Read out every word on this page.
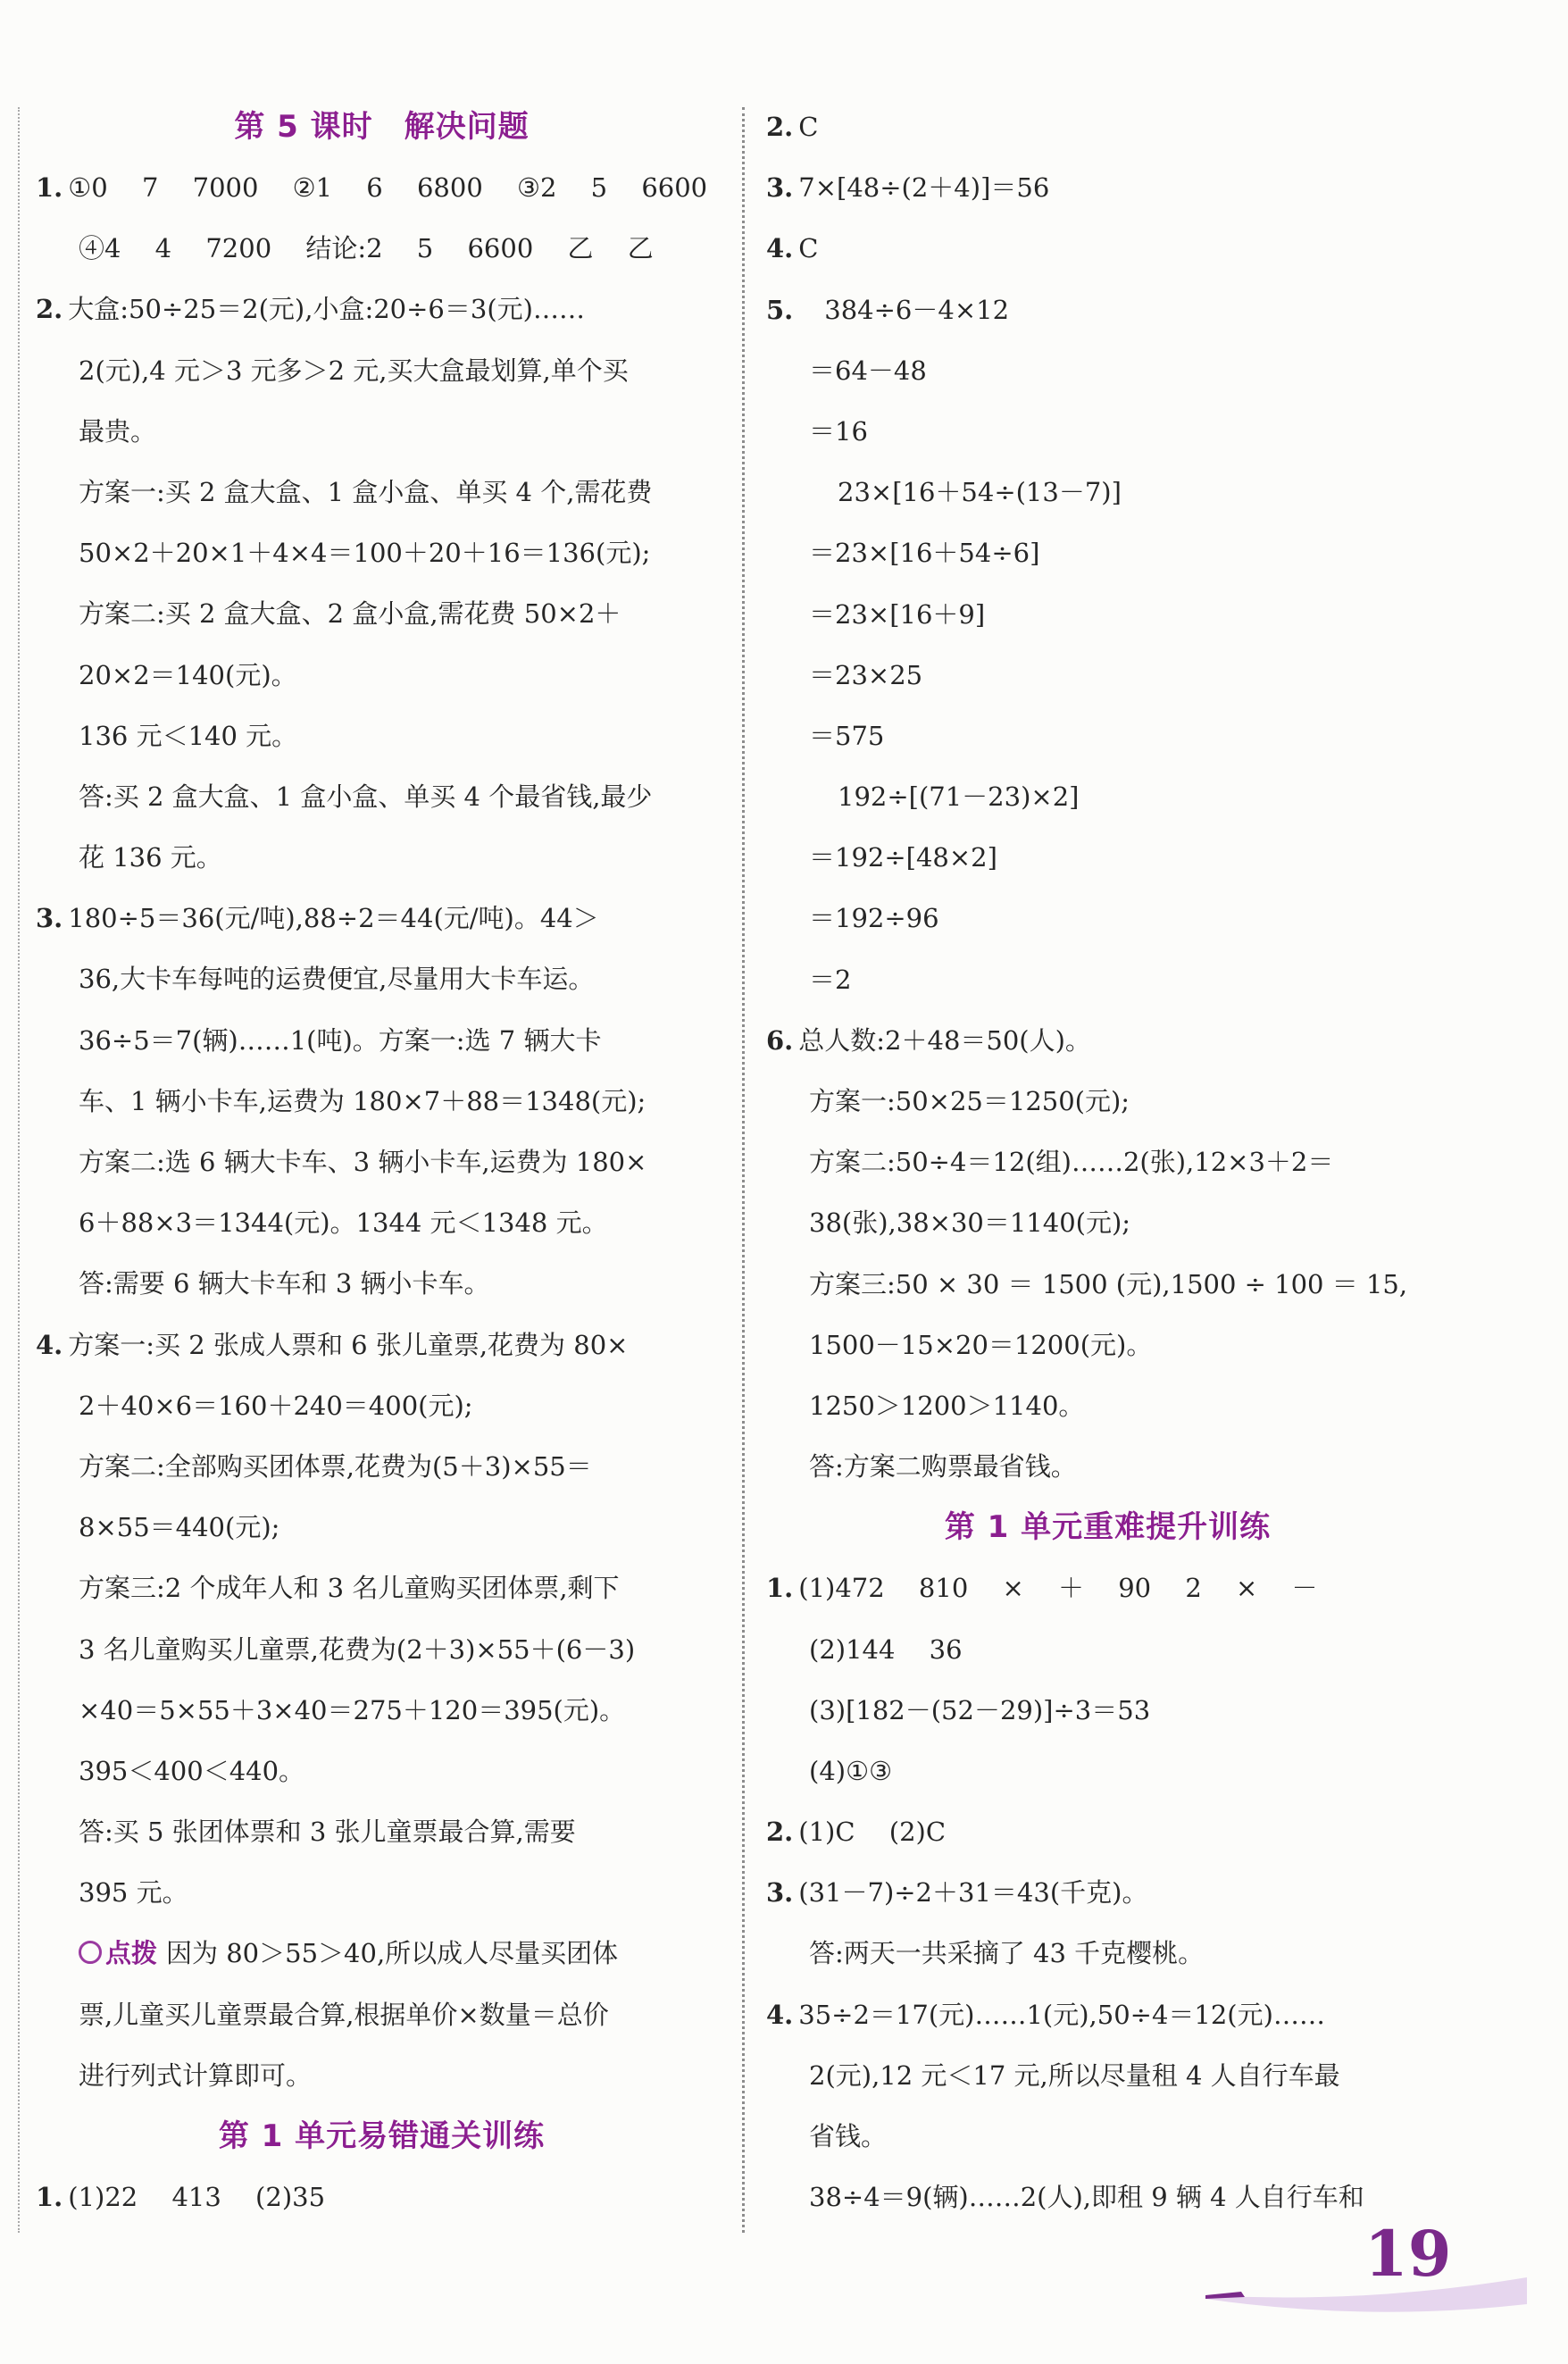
第 5 课时　解决问题
1. ①0　 7　 7000　 ②1　 6　 6800　 ③2　 5　 6600
④4　 4　 7200　 结论:2　 5　 6600　 乙　 乙
2. 大盒:50÷25＝2(元),小盒:20÷6＝3(元)……
2(元),4 元＞3 元多＞2 元,买大盒最划算,单个买
最贵。
方案一:买 2 盒大盒、1 盒小盒、单买 4 个,需花费
50×2＋20×1＋4×4＝100＋20＋16＝136(元);
方案二:买 2 盒大盒、2 盒小盒,需花费 50×2＋
20×2＝140(元)。
136 元＜140 元。
答:买 2 盒大盒、1 盒小盒、单买 4 个最省钱,最少
花 136 元。
3. 180÷5＝36(元/吨),88÷2＝44(元/吨)。44＞
36,大卡车每吨的运费便宜,尽量用大卡车运。
36÷5＝7(辆)……1(吨)。方案一:选 7 辆大卡
车、1 辆小卡车,运费为 180×7＋88＝1348(元);
方案二:选 6 辆大卡车、3 辆小卡车,运费为 180×
6＋88×3＝1344(元)。1344 元＜1348 元。
答:需要 6 辆大卡车和 3 辆小卡车。
4. 方案一:买 2 张成人票和 6 张儿童票,花费为 80×
2＋40×6＝160＋240＝400(元);
方案二:全部购买团体票,花费为(5＋3)×55＝
8×55＝440(元);
方案三:2 个成年人和 3 名儿童购买团体票,剩下
3 名儿童购买儿童票,花费为(2＋3)×55＋(6－3)
×40＝5×55＋3×40＝275＋120＝395(元)。
395＜400＜440。
答:买 5 张团体票和 3 张儿童票最合算,需要
395 元。
点拨 因为 80＞55＞40,所以成人尽量买团体
票,儿童买儿童票最合算,根据单价×数量＝总价
进行列式计算即可。
第 1 单元易错通关训练
1. (1)22　 413　 (2)35
2. C
3. 7×[48÷(2＋4)]＝56
4. C
5.　384÷6－4×12
＝64－48
＝16
23×[16＋54÷(13－7)]
＝23×[16＋54÷6]
＝23×[16＋9]
＝23×25
＝575
192÷[(71－23)×2]
＝192÷[48×2]
＝192÷96
＝2
6. 总人数:2＋48＝50(人)。
方案一:50×25＝1250(元);
方案二:50÷4＝12(组)……2(张),12×3＋2＝
38(张),38×30＝1140(元);
方案三:50 × 30 ＝ 1500 (元),1500 ÷ 100 ＝ 15,
1500－15×20＝1200(元)。
1250＞1200＞1140。
答:方案二购票最省钱。
第 1 单元重难提升训练
1. (1)472　 810　 ×　 ＋　 90　 2　 ×　 －
(2)144　 36
(3)[182－(52－29)]÷3＝53
(4)①③
2. (1)C　 (2)C
3. (31－7)÷2＋31＝43(千克)。
答:两天一共采摘了 43 千克樱桃。
4. 35÷2＝17(元)……1(元),50÷4＝12(元)……
2(元),12 元＜17 元,所以尽量租 4 人自行车最
省钱。
38÷4＝9(辆)……2(人),即租 9 辆 4 人自行车和
19
